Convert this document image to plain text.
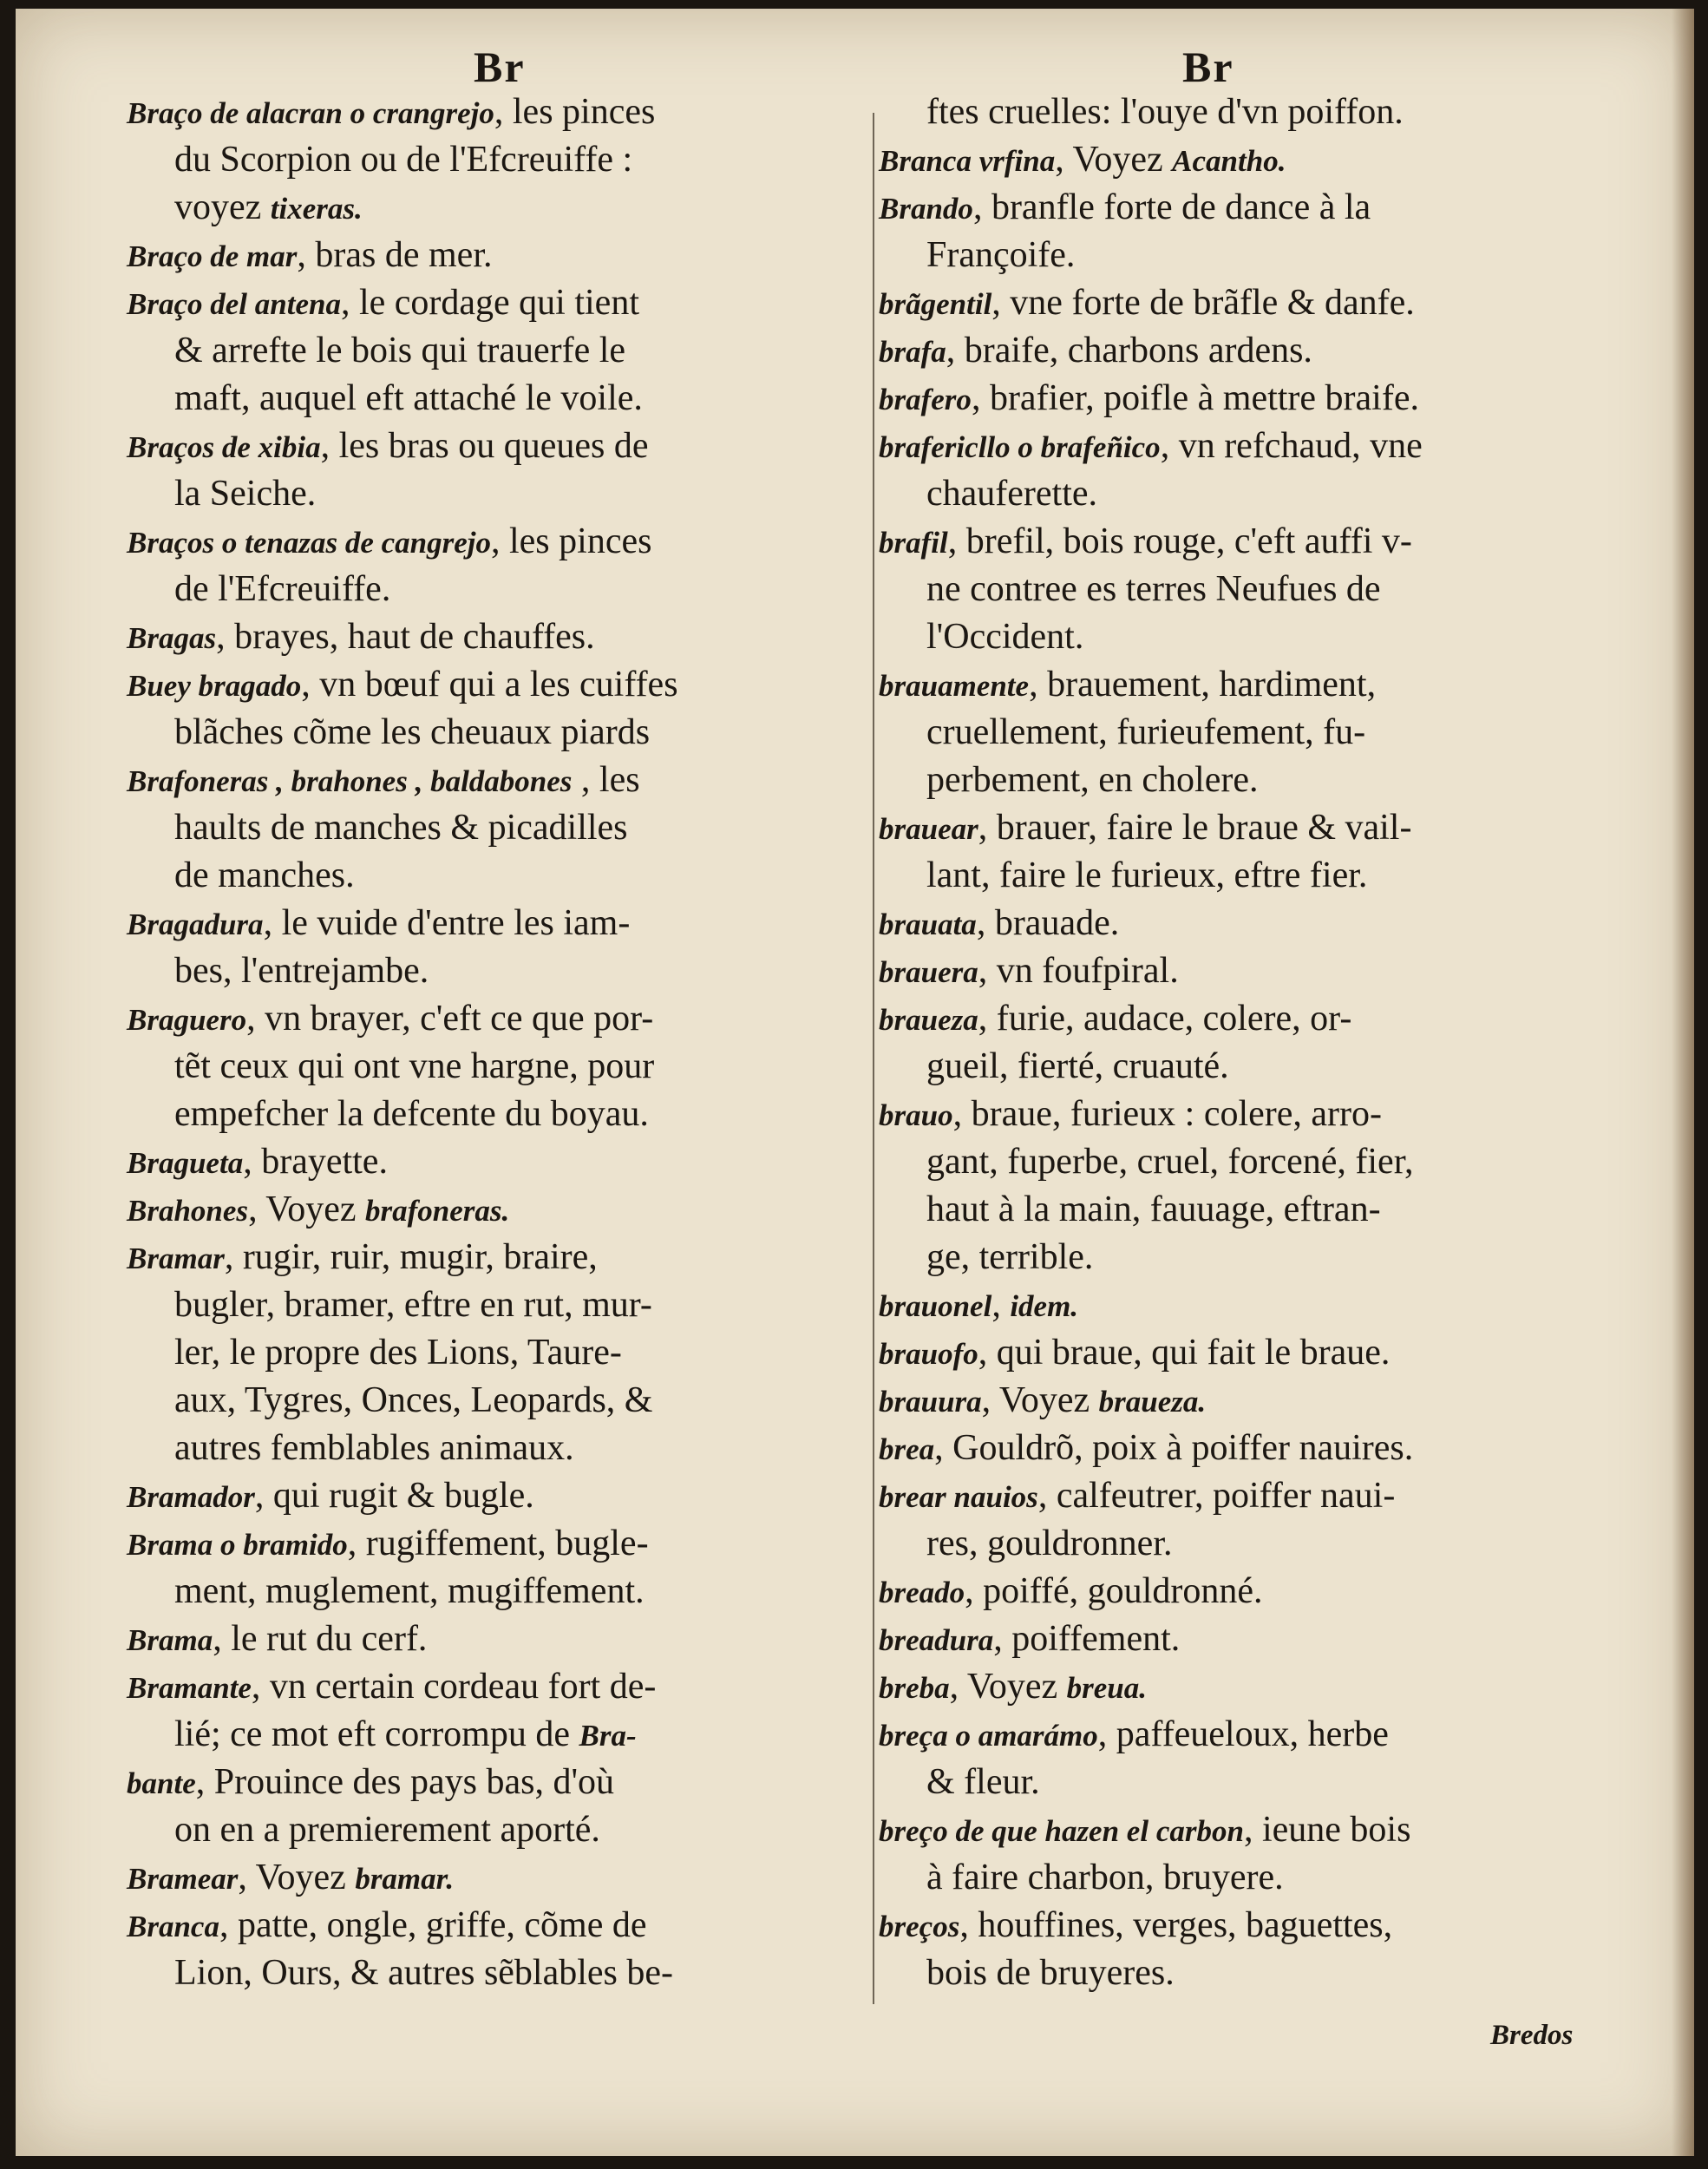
Br
Braço de alacran o crangrejo, les pinces
du Scorpion ou de l'Efcreuiffe :
voyez tixeras.
Braço de mar, bras de mer.
Braço del antena, le cordage qui tient
& arrefte le bois qui trauerfe le
maft, auquel eft attaché le voile.
Braços de xibia, les bras ou queues de
la Seiche.
Braços o tenazas de cangrejo, les pinces
de l'Efcreuiffe.
Bragas, brayes, haut de chauffes.
Buey bragado, vn bœuf qui a les cuiffes
blãches cõme les cheuaux piards
Brafoneras , brahones , baldabones , les
haults de manches & picadilles
de manches.
Bragadura, le vuide d'entre les iam-
bes, l'entrejambe.
Braguero, vn brayer, c'eft ce que por-
tẽt ceux qui ont vne hargne, pour
empefcher la defcente du boyau.
Bragueta, brayette.
Brahones, Voyez brafoneras.
Bramar, rugir, ruir, mugir, braire,
bugler, bramer, eftre en rut, mur-
ler, le propre des Lions, Taure-
aux, Tygres, Onces, Leopards, &
autres femblables animaux.
Bramador, qui rugit & bugle.
Brama o bramido, rugiffement, bugle-
ment, muglement, mugiffement.
Brama, le rut du cerf.
Bramante, vn certain cordeau fort de-
lié; ce mot eft corrompu de Bra-
bante, Prouince des pays bas, d'où
on en a premierement aporté.
Bramear, Voyez bramar.
Branca, patte, ongle, griffe, cõme de
Lion, Ours, & autres sẽblables be-
Br
ftes cruelles: l'ouye d'vn poiffon.
Branca vrfina, Voyez Acantho.
Brando, branfle forte de dance à la
Françoife.
brãgentil, vne forte de brãfle & danfe.
brafa, braife, charbons ardens.
brafero, brafier, poifle à mettre braife.
brafericllo o brafeñico, vn refchaud, vne
chauferette.
brafil, brefil, bois rouge, c'eft auffi v-
ne contree es terres Neufues de
l'Occident.
brauamente, brauement, hardiment,
cruellement, furieufement, fu-
perbement, en cholere.
brauear, brauer, faire le braue & vail-
lant, faire le furieux, eftre fier.
brauata, brauade.
brauera, vn foufpiral.
braueza, furie, audace, colere, or-
gueil, fierté, cruauté.
brauo, braue, furieux : colere, arro-
gant, fuperbe, cruel, forcené, fier,
haut à la main, fauuage, eftran-
ge, terrible.
brauonel, idem.
brauofo, qui braue, qui fait le braue.
brauura, Voyez braueza.
brea, Gouldrõ, poix à poiffer nauires.
brear nauios, calfeutrer, poiffer naui-
res, gouldronner.
breado, poiffé, gouldronné.
breadura, poiffement.
breba, Voyez breua.
breça o amarámo, paffeueloux, herbe
& fleur.
breço de que hazen el carbon, ieune bois
à faire charbon, bruyere.
breços, houffines, verges, baguettes,
bois de bruyeres.
Bredos
